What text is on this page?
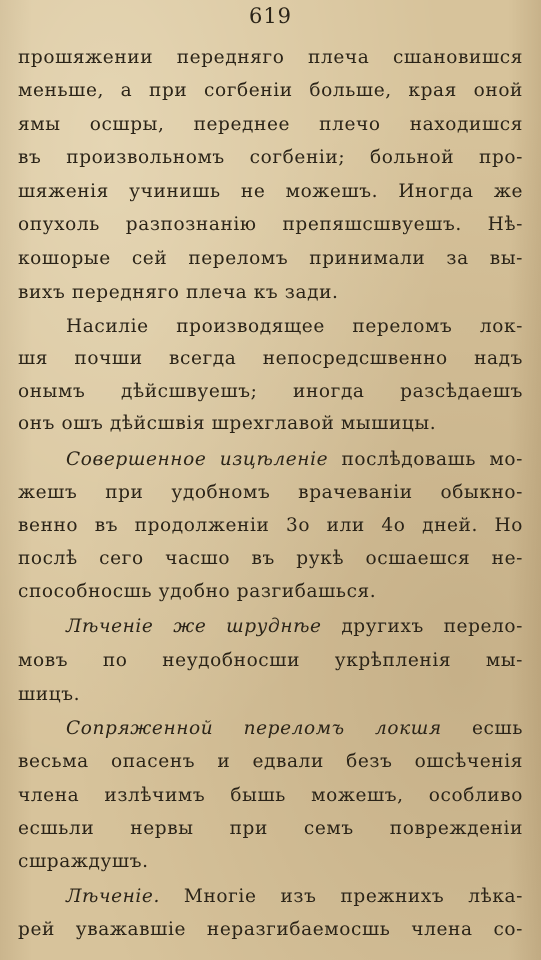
619
прошяжении передняго плеча сшановишся
меньше, а при согбенiи больше, края оной
ямы осшры, переднее плечо находишся
въ произвольномъ согбенiи; больной про-
шяженiя учинишь не можешъ. Иногда же
опухоль разпознанiю препяшсшвуешъ. Нѣ-
кошорые сей переломъ принимали за вы-
вихъ передняго плеча къ зади.
Насилiе производящее переломъ лок-
шя почши всегда непосредсшвенно надъ
онымъ дѣйсшвуешъ; иногда разсѣдаешъ
онъ ошъ дѣйсшвiя шрехглавой мышицы.
Совершенное изцѣленiе послѣдовашь мо-
жешъ при удобномъ врачеванiи обыкно-
венно въ продолженiи 3о или 4о дней. Но
послѣ сего часшо въ рукѣ осшаешся не-
способносшь удобно разгибашься.
Лѣченiе же шруднѣе другихъ перело-
мовъ по неудобносши укрѣпленiя мы-
шицъ.
Сопряженной переломъ локшя есшь
весьма опасенъ и едвали безъ ошсѣченiя
члена излѣчимъ бышь можешъ, особливо
есшьли нервы при семъ поврежденiи
сшраждушъ.
Лѣченiе. Многiе изъ прежнихъ лѣка-
рей уважавшiе неразгибаемосшь члена со-
